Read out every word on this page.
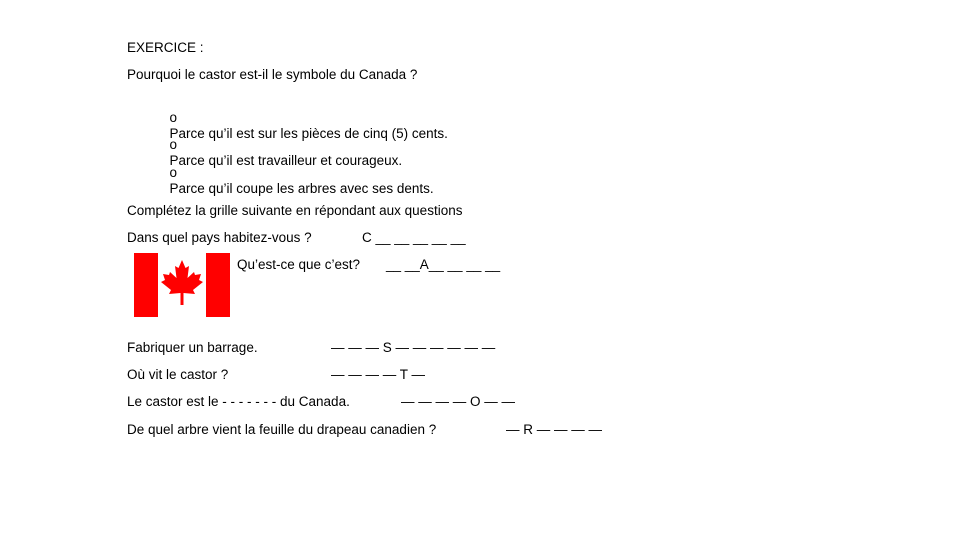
EXERCICE :
Pourquoi le castor est-il le symbole du Canada ?

o
Parce qu’il est sur les pièces de cinq (5) cents.

o
Parce qu’il est travailleur et courageux.

o
Parce qu’il coupe les arbres avec ses dents.

Complétez la grille suivante en répondant aux questions
Dans quel pays habitez-vous ?	C __ __ __ __ __
Qu’est-ce que c’est? __ __A__ __ __ __
Fabriquer un barrage.	— — — S — — — — — —
Où vit le castor ?	— — — — T —
Le castor est le - - - - - - - du Canada.	— — — — O — —
De quel arbre vient la feuille du drapeau canadien ?	— R — — — —
